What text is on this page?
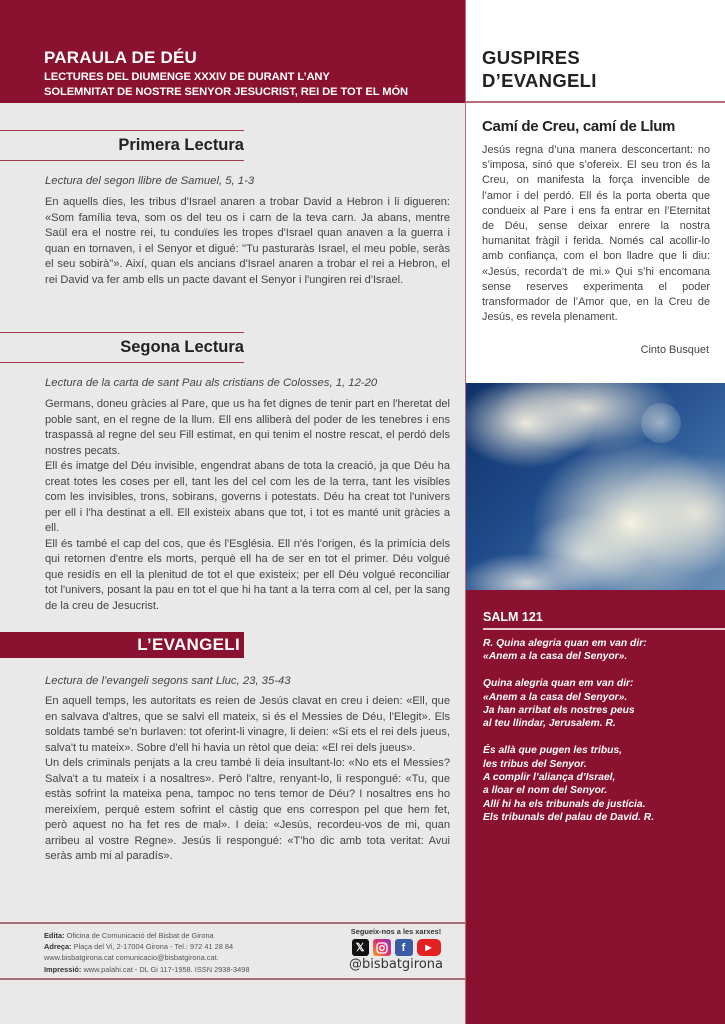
PARAULA DE DÉU
LECTURES DEL DIUMENGE XXXIV DE DURANT L’ANY
SOLEMNITAT DE NOSTRE SENYOR JESUCRIST, REI DE TOT EL MÓN
Primera Lectura
Lectura del segon llibre de Samuel, 5, 1-3
En aquells dies, les tribus d'Israel anaren a trobar David a Hebron i li digueren: «Som família teva, som os del teu os i carn de la teva carn. Ja abans, mentre Saül era el nostre rei, tu conduïes les tropes d'Israel quan anaven a la guerra i quan en tornaven, i el Senyor et digué: "Tu pasturaràs Israel, el meu poble, seràs el seu sobirà"». Així, quan els ancians d'Israel anaren a trobar el rei a Hebron, el rei David va fer amb ells un pacte davant el Senyor i l'ungiren rei d'Israel.
Segona Lectura
Lectura de la carta de sant Pau als cristians de Colosses, 1, 12-20
Germans, doneu gràcies al Pare, que us ha fet dignes de tenir part en l'heretat del poble sant, en el regne de la llum. Ell ens alliberà del poder de les tenebres i ens traspassà al regne del seu Fill estimat, en qui tenim el nostre rescat, el perdó dels nostres pecats.
Ell és imatge del Déu invisible, engendrat abans de tota la creació, ja que Déu ha creat totes les coses per ell, tant les del cel com les de la terra, tant les visibles com les invisibles, trons, sobirans, governs i potestats. Déu ha creat tot l'univers per ell i l'ha destinat a ell. Ell existeix abans que tot, i tot es manté unit gràcies a ell.
Ell és també el cap del cos, que és l'Església. Ell n'és l'origen, és la primícia dels qui retornen d'entre els morts, perquè ell ha de ser en tot el primer. Déu volgué que residís en ell la plenitud de tot el que existeix; per ell Déu volgué reconciliar tot l'univers, posant la pau en tot el que hi ha tant a la terra com al cel, per la sang de la creu de Jesucrist.
L’EVANGELI
Lectura de l’evangeli segons sant Lluc, 23, 35-43
En aquell temps, les autoritats es reien de Jesús clavat en creu i deien: «Ell, que en salvava d'altres, que se salvi ell mateix, si és el Messies de Déu, l'Elegit». Els soldats també se'n burlaven: tot oferint-li vinagre, li deien: «Si ets el rei dels jueus, salva't tu mateix». Sobre d'ell hi havia un rètol que deia: «El rei dels jueus».
Un dels criminals penjats a la creu també li deia insultant-lo: «No ets el Messies? Salva't a tu mateix i a nosaltres». Però l'altre, renyant-lo, li respongué: «Tu, que estàs sofrint la mateixa pena, tampoc no tens temor de Déu? I nosaltres ens ho mereixíem, perquè estem sofrint el càstig que ens correspon pel que hem fet, però aquest no ha fet res de mal». I deia: «Jesús, recordeu-vos de mi, quan arribeu al vostre Regne». Jesús li respongué: «T'ho dic amb tota veritat: Avui seràs amb mi al paradís».
Edita: Oficina de Comunicació del Bisbat de Girona
Adreça: Plaça del Vi, 2-17004 Girona - Tel.: 972 41 28 84
www.bisbatgirona.cat comunicacio@bisbatgirona.cat.
Impressió: www.palahi.cat - DL Gi 117-1958. ISSN 2938-3498
Segueix-nos a les xarxes!
𝕏	f	▶
@bisbatgirona
GUSPIRES
D’EVANGELI
Camí de Creu, camí de Llum
Jesús regna d’una manera desconcertant: no s’imposa, sinó que s’ofereix. El seu tron és la Creu, on manifesta la força invencible de l’amor i del perdó. Ell és la porta oberta que condueix al Pare i ens fa entrar en l’Eternitat de Déu, sense deixar enrere la nostra humanitat fràgil i ferida. Només cal acollir-lo amb confiança, com el bon lladre que li diu: «Jesús, recorda’t de mi.» Qui s’hi encomana sense reserves experimenta el poder transformador de l’Amor que, en la Creu de Jesús, es revela plenament.
Cinto Busquet
SALM 121
R. Quina alegria quan em van dir:
«Anem a la casa del Senyor».
Quina alegria quan em van dir:
«Anem a la casa del Senyor».
Ja han arribat els nostres peus
al teu llindar, Jerusalem. R.
És allà que pugen les tribus,
les tribus del Senyor.
A complir l’aliança d’Israel,
a lloar el nom del Senyor.
Allí hi ha els tribunals de justícia.
Els tribunals del palau de David. R.
